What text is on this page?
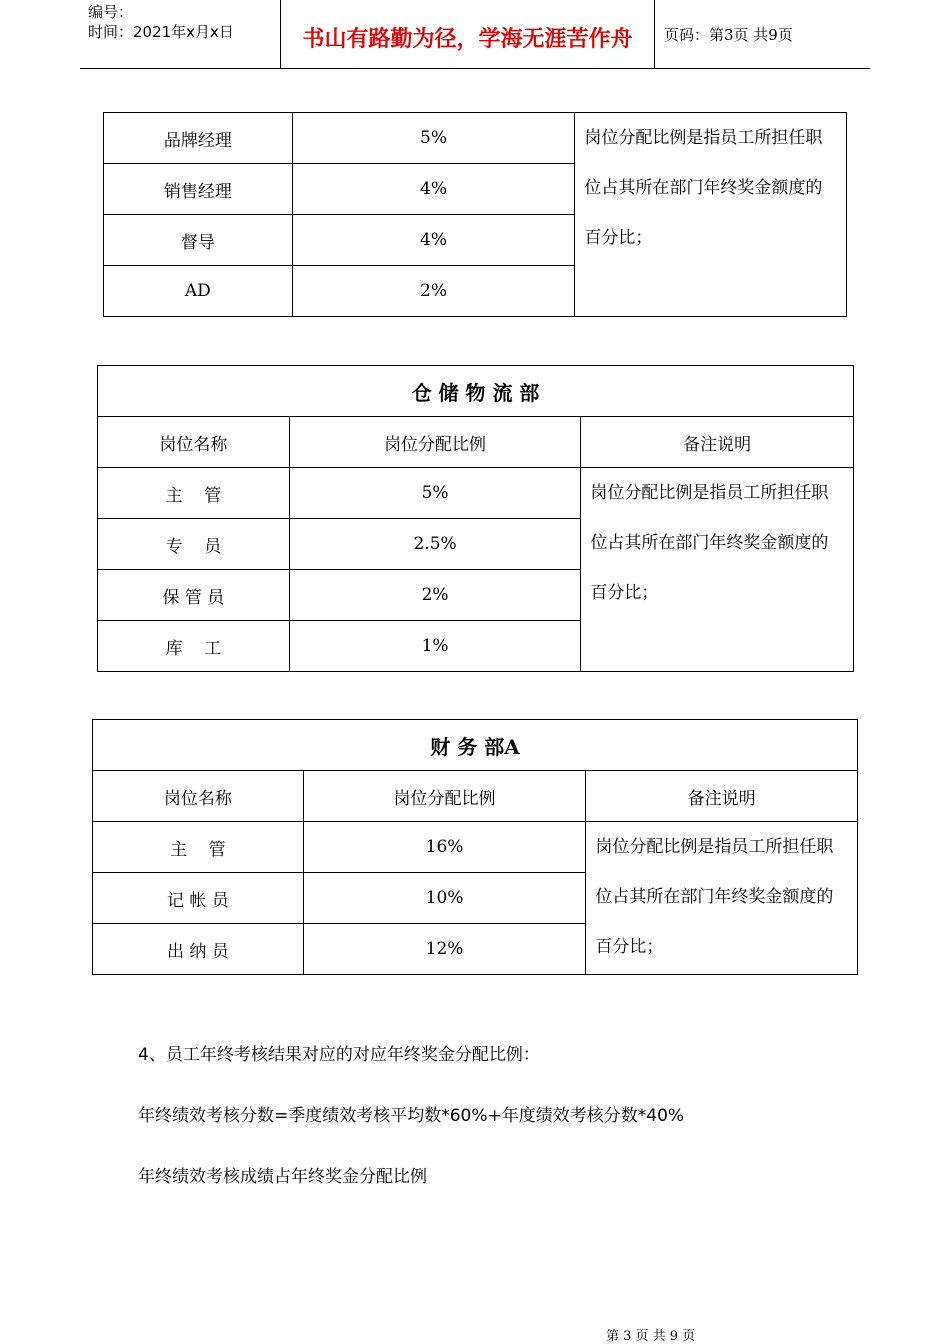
编号：
时间：2021年x月x日	书山有路勤为径，学海无涯苦作舟	页码：第3页 共9页
品牌经理	5%	岗位分配比例是指员工所担任职位占其所在部门年终奖金额度的百分比；
销售经理	4%	
督导	4%	
AD	2%	
仓 储 物 流 部		
岗位名称	岗位分配比例	备注说明
主    管	5%	岗位分配比例是指员工所担任职位占其所在部门年终奖金额度的百分比；
专    员	2.5%	
保 管 员	2%	
库    工	1%	
财 务 部A		
岗位名称	岗位分配比例	备注说明
主    管	16%	岗位分配比例是指员工所担任职位占其所在部门年终奖金额度的百分比；
记 帐 员	10%	
出 纳 员	12%	
4、员工年终考核结果对应的对应年终奖金分配比例：
年终绩效考核分数=季度绩效考核平均数*60%+年度绩效考核分数*40%
年终绩效考核成绩占年终奖金分配比例
第 3 页 共 9 页
